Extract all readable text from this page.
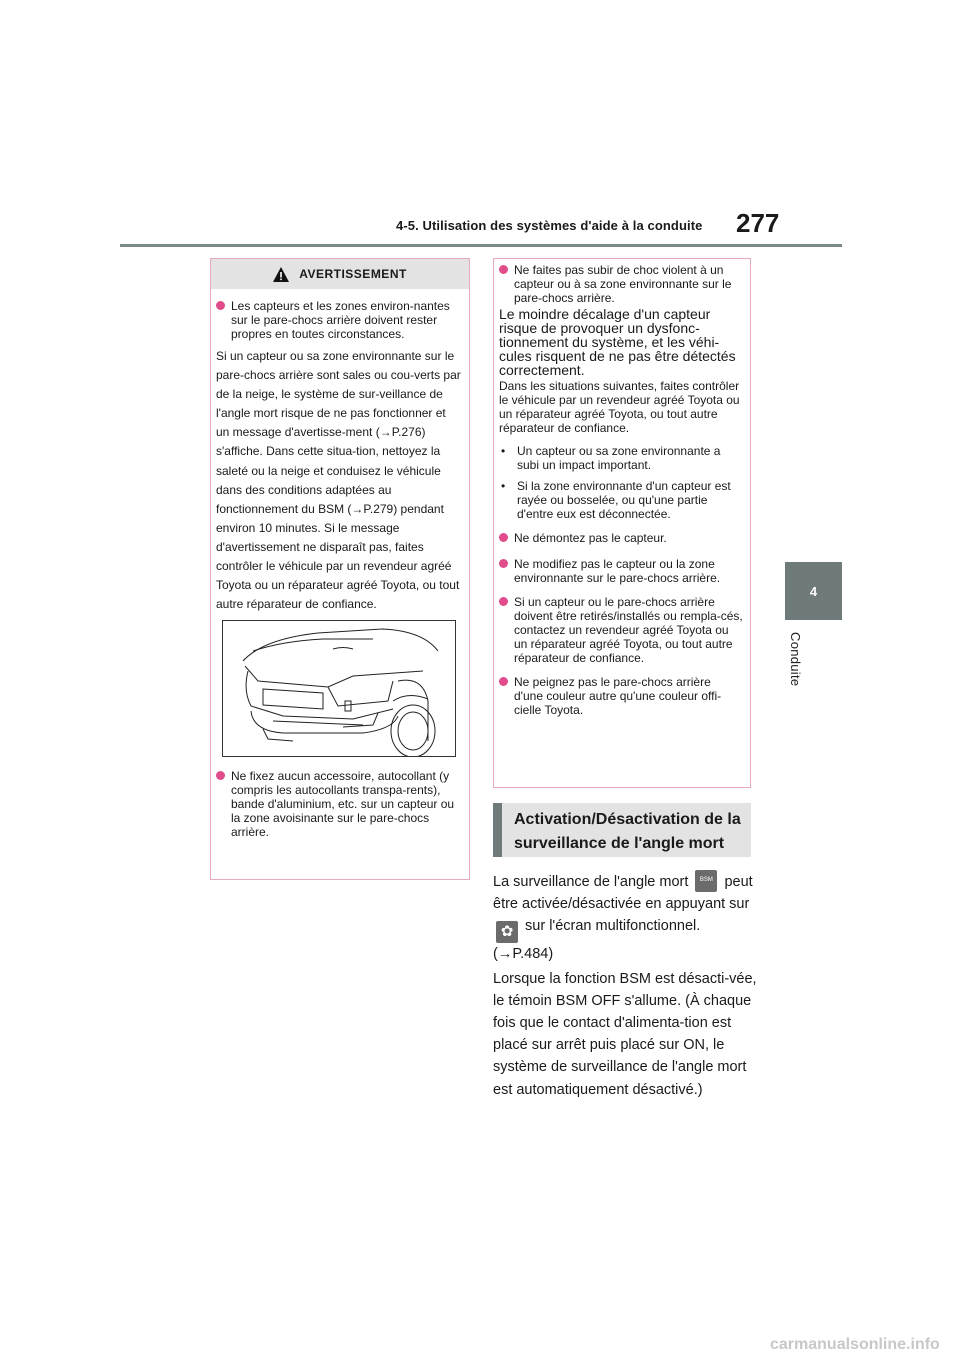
4-5. Utilisation des systèmes d'aide à la conduite 277
4
Conduite
AVERTISSEMENT
Les capteurs et les zones environ-nantes sur le pare-chocs arrière doivent rester propres en toutes circonstances.
Si un capteur ou sa zone environnante sur le pare-chocs arrière sont sales ou cou-verts par de la neige, le système de sur-veillance de l'angle mort risque de ne pas fonctionner et un message d'avertisse-ment (→P.276) s'affiche. Dans cette situa-tion, nettoyez la saleté ou la neige et conduisez le véhicule dans des conditions adaptées au fonctionnement du BSM (→P.279) pendant environ 10 minutes. Si le message d'avertissement ne disparaît pas, faites contrôler le véhicule par un revendeur agréé Toyota ou un réparateur agréé Toyota, ou tout autre réparateur de confiance.
Ne fixez aucun accessoire, autocollant (y compris les autocollants transpa-rents), bande d'aluminium, etc. sur un capteur ou la zone avoisinante sur le pare-chocs arrière.
Ne faites pas subir de choc violent à un capteur ou à sa zone environnante sur le pare-chocs arrière.
Le moindre décalage d'un capteur risque de provoquer un dysfonc-tionnement du système, et les véhi-cules risquent de ne pas être détectés correctement.
Dans les situations suivantes, faites contrôler le véhicule par un revendeur agréé Toyota ou un réparateur agréé Toyota, ou tout autre réparateur de confiance.
• Un capteur ou sa zone environnante a subi un impact important.
• Si la zone environnante d'un capteur est rayée ou bosselée, ou qu'une partie d'entre eux est déconnectée.
Ne démontez pas le capteur.
Ne modifiez pas le capteur ou la zone environnante sur le pare-chocs arrière.
Si un capteur ou le pare-chocs arrière doivent être retirés/installés ou rempla-cés, contactez un revendeur agréé Toyota ou un réparateur agréé Toyota, ou tout autre réparateur de confiance.
Ne peignez pas le pare-chocs arrière d'une couleur autre qu'une couleur offi-cielle Toyota.
Activation/Désactivation de la surveillance de l'angle mort
La surveillance de l'angle mort BSM peut être activée/désactivée en appuyant sur ✿ sur l'écran multifonctionnel.
(→P.484)
Lorsque la fonction BSM est désacti-vée, le témoin BSM OFF s'allume. (À chaque fois que le contact d'alimenta-tion est placé sur arrêt puis placé sur ON, le système de surveillance de l'angle mort est automatiquement désactivé.)
carmanualsonline.info
